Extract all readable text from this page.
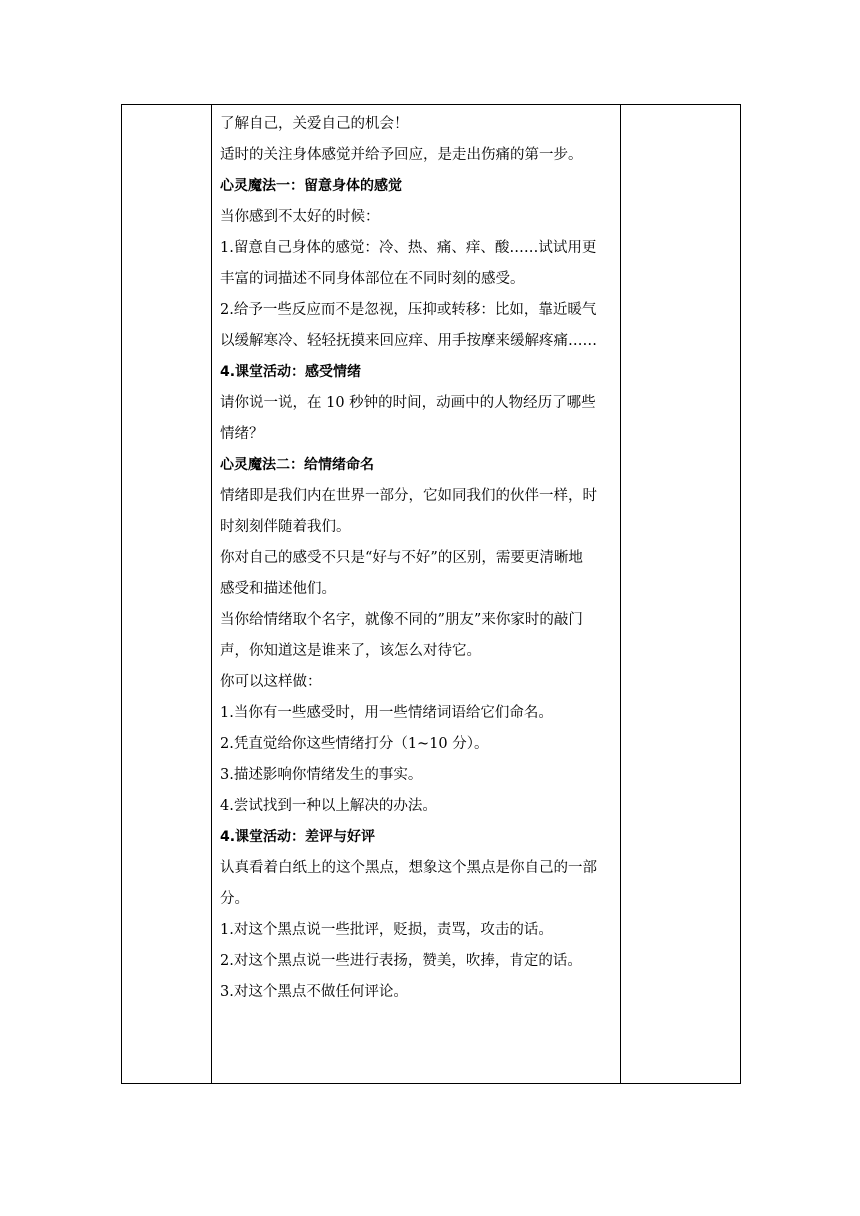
了解自己，关爱自己的机会！
适时的关注身体感觉并给予回应，是走出伤痛的第一步。
心灵魔法一：留意身体的感觉
当你感到不太好的时候：
1.留意自己身体的感觉：冷、热、痛、痒、酸……试试用更
丰富的词描述不同身体部位在不同时刻的感受。
2.给予一些反应而不是忽视，压抑或转移：比如，靠近暖气
以缓解寒冷、轻轻抚摸来回应痒、用手按摩来缓解疼痛……
4.课堂活动：感受情绪
请你说一说，在 10 秒钟的时间，动画中的人物经历了哪些
情绪？
心灵魔法二：给情绪命名
情绪即是我们内在世界一部分，它如同我们的伙伴一样，时
时刻刻伴随着我们。
你对自己的感受不只是“好与不好”的区别，需要更清晰地
感受和描述他们。
当你给情绪取个名字，就像不同的”朋友”来你家时的敲门
声，你知道这是谁来了，该怎么对待它。
你可以这样做：
1.当你有一些感受时，用一些情绪词语给它们命名。
2.凭直觉给你这些情绪打分（1~10 分）。
3.描述影响你情绪发生的事实。
4.尝试找到一种以上解决的办法。
4.课堂活动：差评与好评
认真看着白纸上的这个黑点，想象这个黑点是你自己的一部
分。
1.对这个黑点说一些批评，贬损，责骂，攻击的话。
2.对这个黑点说一些进行表扬，赞美，吹捧，肯定的话。
3.对这个黑点不做任何评论。
